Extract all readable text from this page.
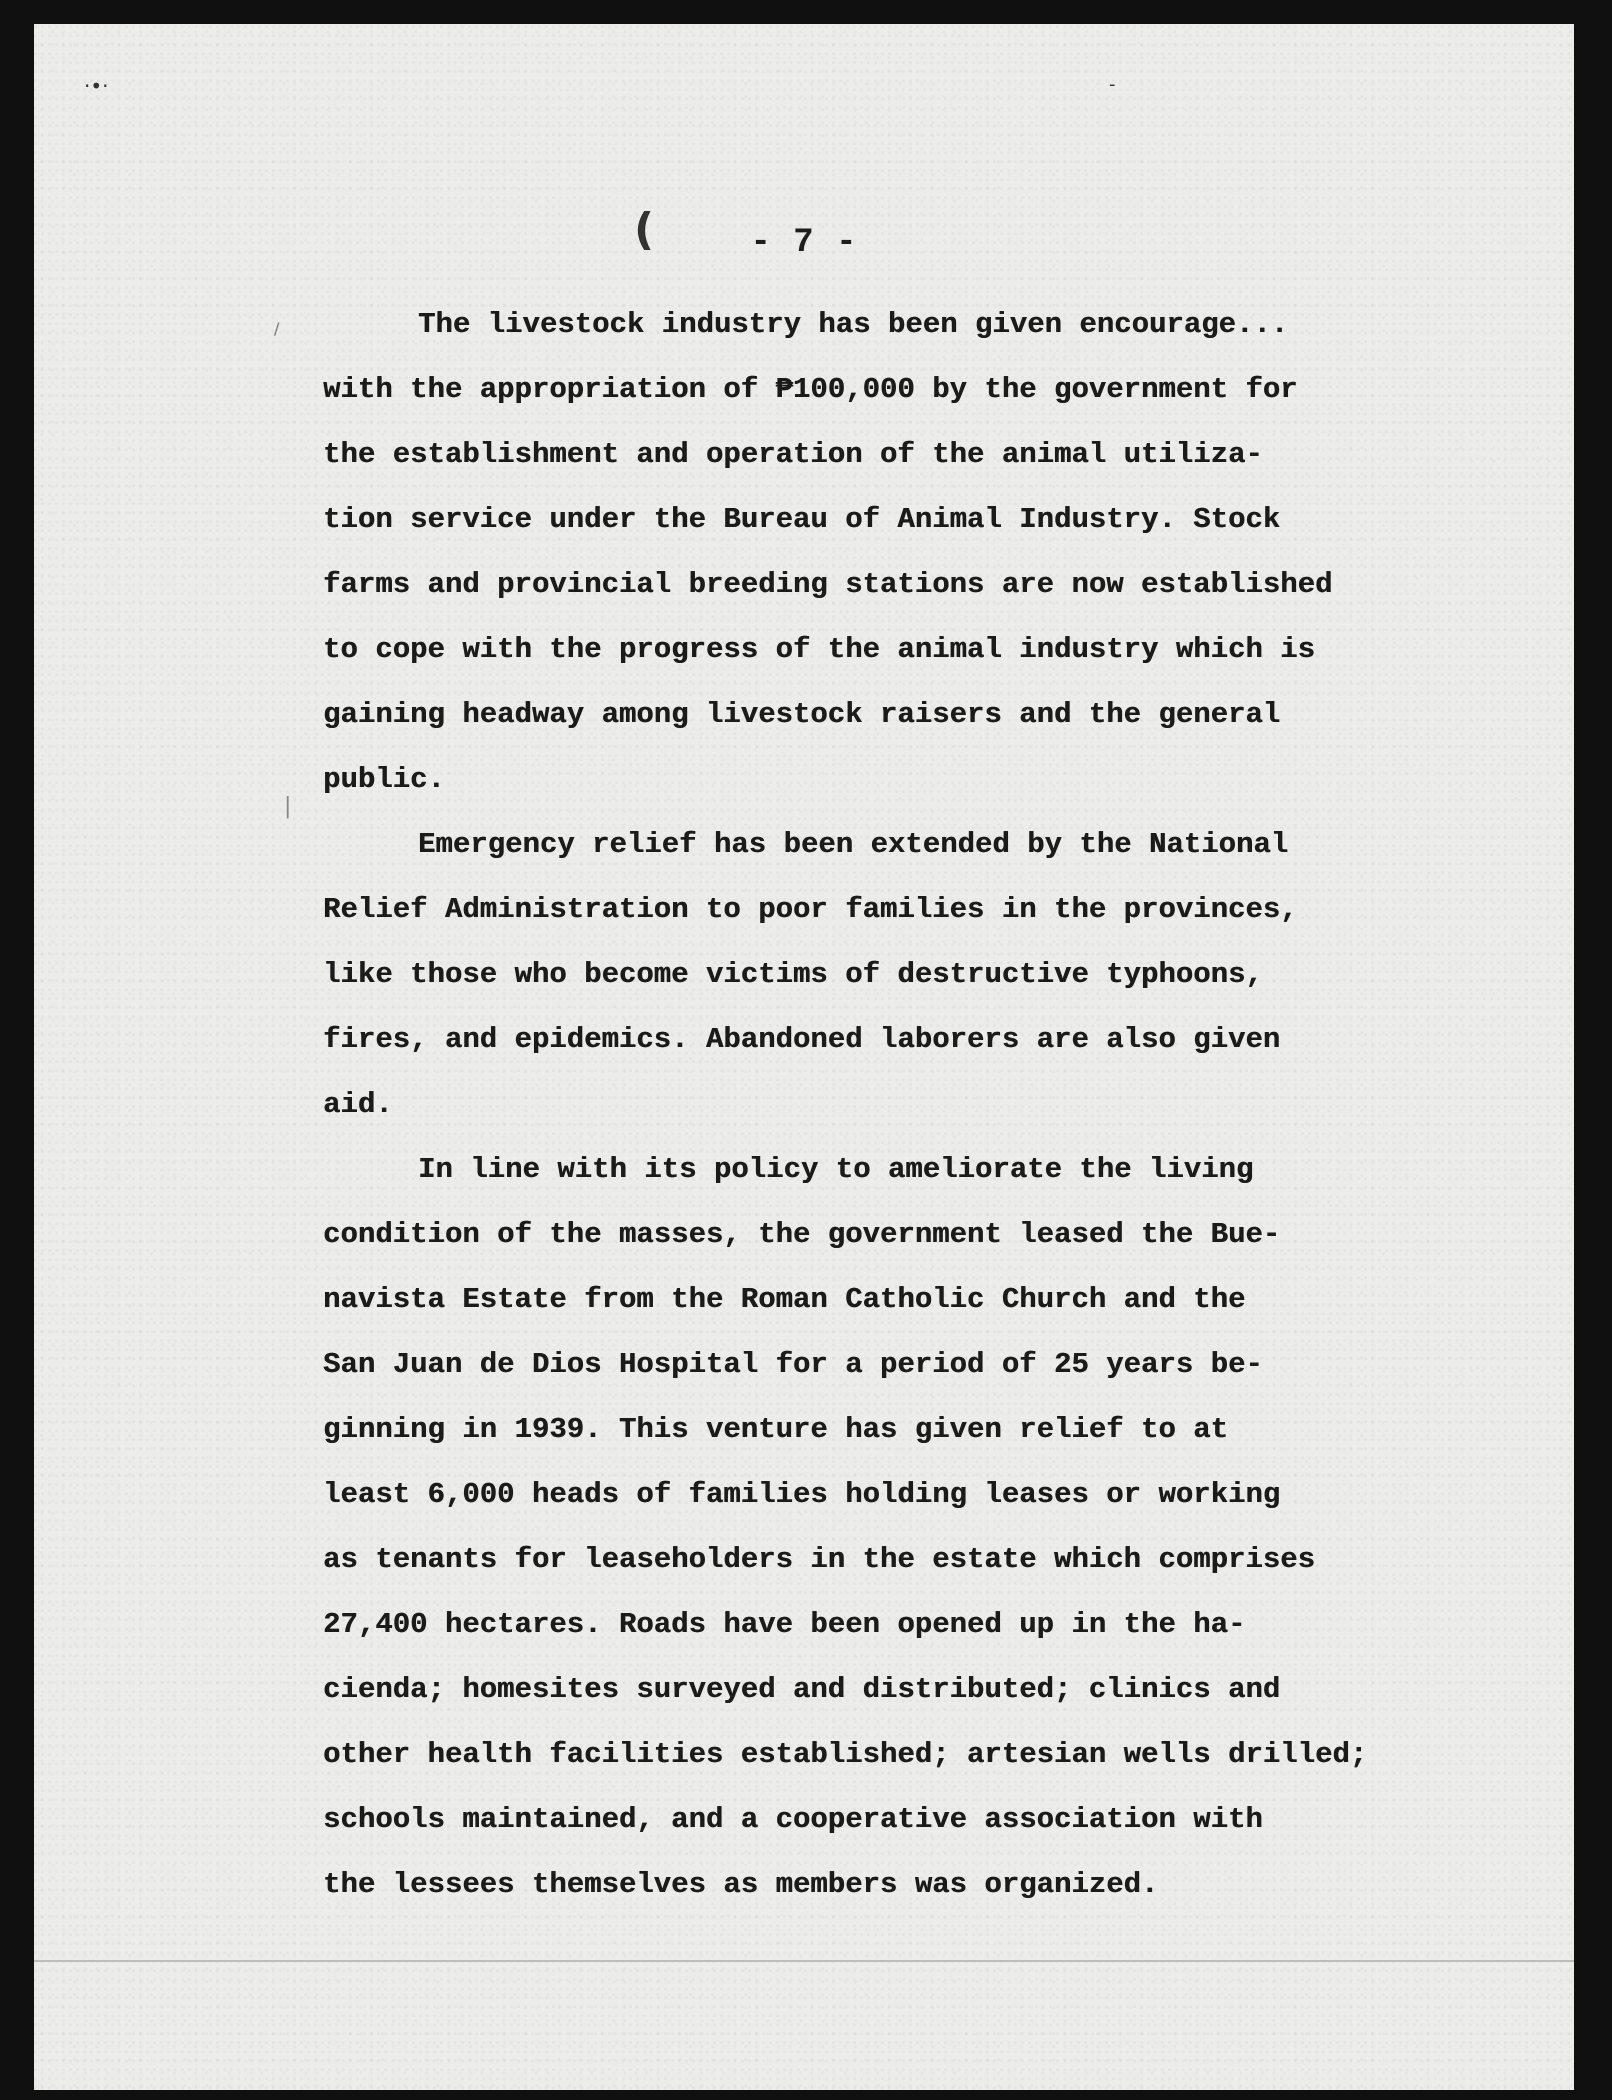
·•·
(
-
/
|
- 7 -
The livestock industry has been given encourage...
with the appropriation of ₱100,000 by the government for
the establishment and operation of the animal utiliza-
tion service under the Bureau of Animal Industry. Stock
farms and provincial breeding stations are now established
to cope with the progress of the animal industry which is
gaining headway among livestock raisers and the general
public.
Emergency relief has been extended by the National
Relief Administration to poor families in the provinces,
like those who become victims of destructive typhoons,
fires, and epidemics. Abandoned laborers are also given
aid.
In line with its policy to ameliorate the living
condition of the masses, the government leased the Bue-
navista Estate from the Roman Catholic Church and the
San Juan de Dios Hospital for a period of 25 years be-
ginning in 1939. This venture has given relief to at
least 6,000 heads of families holding leases or working
as tenants for leaseholders in the estate which comprises
27,400 hectares. Roads have been opened up in the ha-
cienda; homesites surveyed and distributed; clinics and
other health facilities established; artesian wells drilled;
schools maintained, and a cooperative association with
the lessees themselves as members was organized.
